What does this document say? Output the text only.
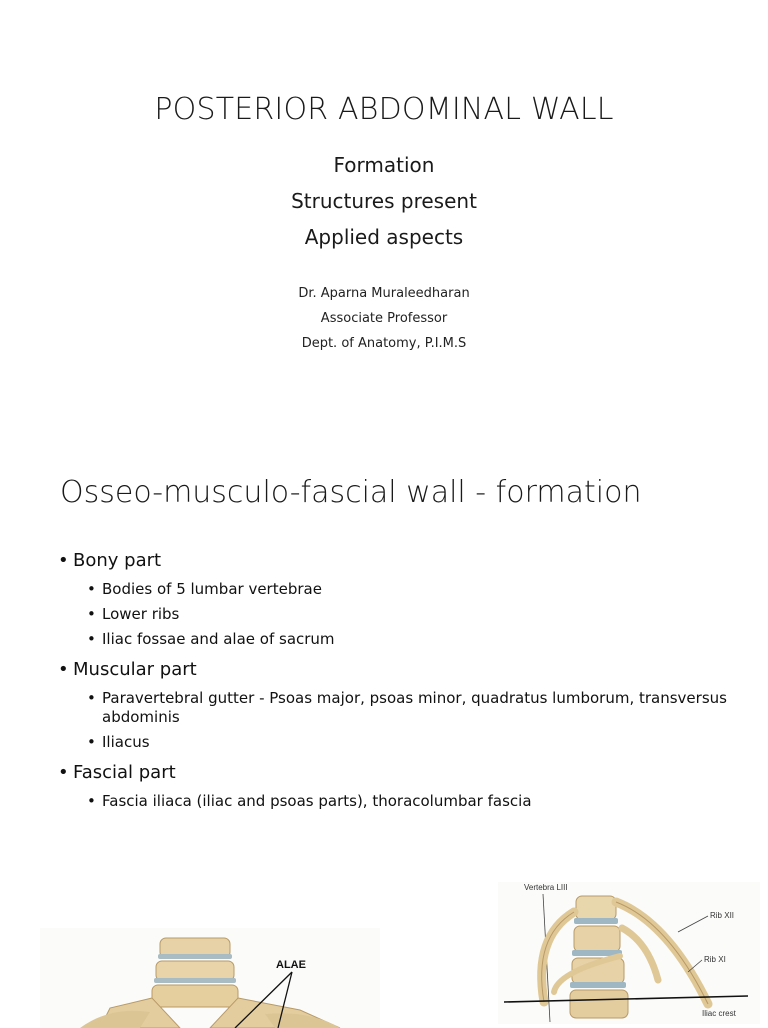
POSTERIOR ABDOMINAL WALL
Formation
Structures present
Applied aspects
Dr. Aparna Muraleedharan
Associate Professor
Dept. of Anatomy, P.I.M.S
Osseo-musculo-fascial wall - formation
• Bony part
• Bodies of 5 lumbar vertebrae
• Lower ribs
• Iliac fossae and alae of sacrum
• Muscular part
• Paravertebral gutter - Psoas major, psoas minor, quadratus lumborum, transversus abdominis
• Iliacus
• Fascial part
• Fascia iliaca (iliac and psoas parts), thoracolumbar fascia
ALAE
Vertebra LIII
Rib XII
Rib XI
Iliac crest
